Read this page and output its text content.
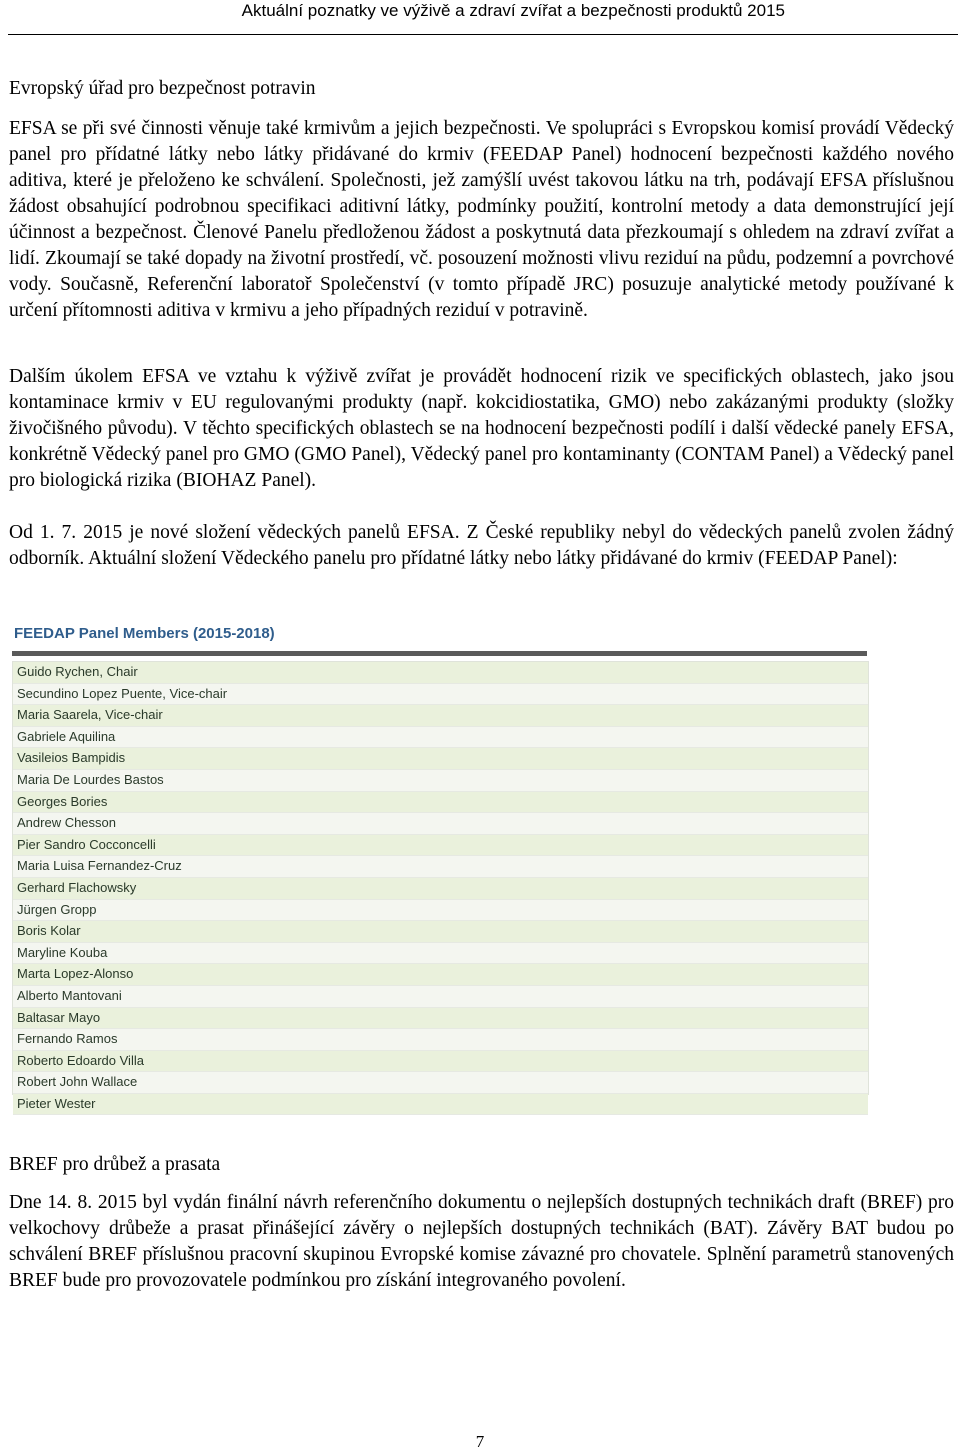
Aktuální poznatky ve výživě a zdraví zvířat a bezpečnosti produktů 2015
Evropský úřad pro bezpečnost potravin

EFSA se při své činnosti věnuje také krmivům a jejich bezpečnosti. Ve spolupráci s Evropskou komisí provádí Vědecký panel pro přídatné látky nebo látky přidávané do krmiv (FEEDAP Panel) hodnocení bezpečnosti každého nového aditiva, které je přeloženo ke schválení. Společnosti, jež zamýšlí uvést takovou látku na trh, podávají EFSA příslušnou žádost obsahující podrobnou specifikaci aditivní látky, podmínky použití, kontrolní metody a data demonstrující její účinnost a bezpečnost. Členové Panelu předloženou žádost a poskytnutá data přezkoumají s ohledem na zdraví zvířat a lidí. Zkoumají se také dopady na životní prostředí, vč. posouzení možnosti vlivu reziduí na půdu, podzemní a povrchové vody. Současně, Referenční laboratoř Společenství (v tomto případě JRC) posuzuje analytické metody používané k určení přítomnosti aditiva v krmivu a jeho případných reziduí v potravině.

Dalším úkolem EFSA ve vztahu k výživě zvířat je provádět hodnocení rizik ve specifických oblastech, jako jsou kontaminace krmiv v EU regulovanými produkty (např. kokcidiostatika, GMO) nebo zakázanými produkty (složky živočišného původu). V těchto specifických oblastech se na hodnocení bezpečnosti podílí i další vědecké panely EFSA, konkrétně Vědecký panel pro GMO (GMO Panel), Vědecký panel pro kontaminanty (CONTAM Panel) a Vědecký panel pro biologická rizika (BIOHAZ Panel).

Od 1. 7. 2015 je nové složení vědeckých panelů EFSA. Z České republiky nebyl do vědeckých panelů zvolen žádný odborník. Aktuální složení Vědeckého panelu pro přídatné látky nebo látky přidávané do krmiv (FEEDAP Panel):

FEEDAP Panel Members (2015-2018)
Guido Rychen, Chair
Secundino Lopez Puente, Vice-chair
Maria Saarela, Vice-chair
Gabriele Aquilina
Vasileios Bampidis
Maria De Lourdes Bastos
Georges Bories
Andrew Chesson
Pier Sandro Cocconcelli
Maria Luisa Fernandez-Cruz
Gerhard Flachowsky
Jürgen Gropp
Boris Kolar
Maryline Kouba
Marta Lopez-Alonso
Alberto Mantovani
Baltasar Mayo
Fernando Ramos
Roberto Edoardo Villa
Robert John Wallace
Pieter Wester
BREF pro drůbež a prasata

Dne 14. 8. 2015 byl vydán finální návrh referenčního dokumentu o nejlepších dostupných technikách draft (BREF) pro velkochovy drůbeže a prasat přinášející závěry o nejlepších dostupných technikách (BAT). Závěry BAT budou po schválení BREF příslušnou pracovní skupinou Evropské komise závazné pro chovatele. Splnění parametrů stanovených BREF bude pro provozovatele podmínkou pro získání integrovaného povolení.

7
